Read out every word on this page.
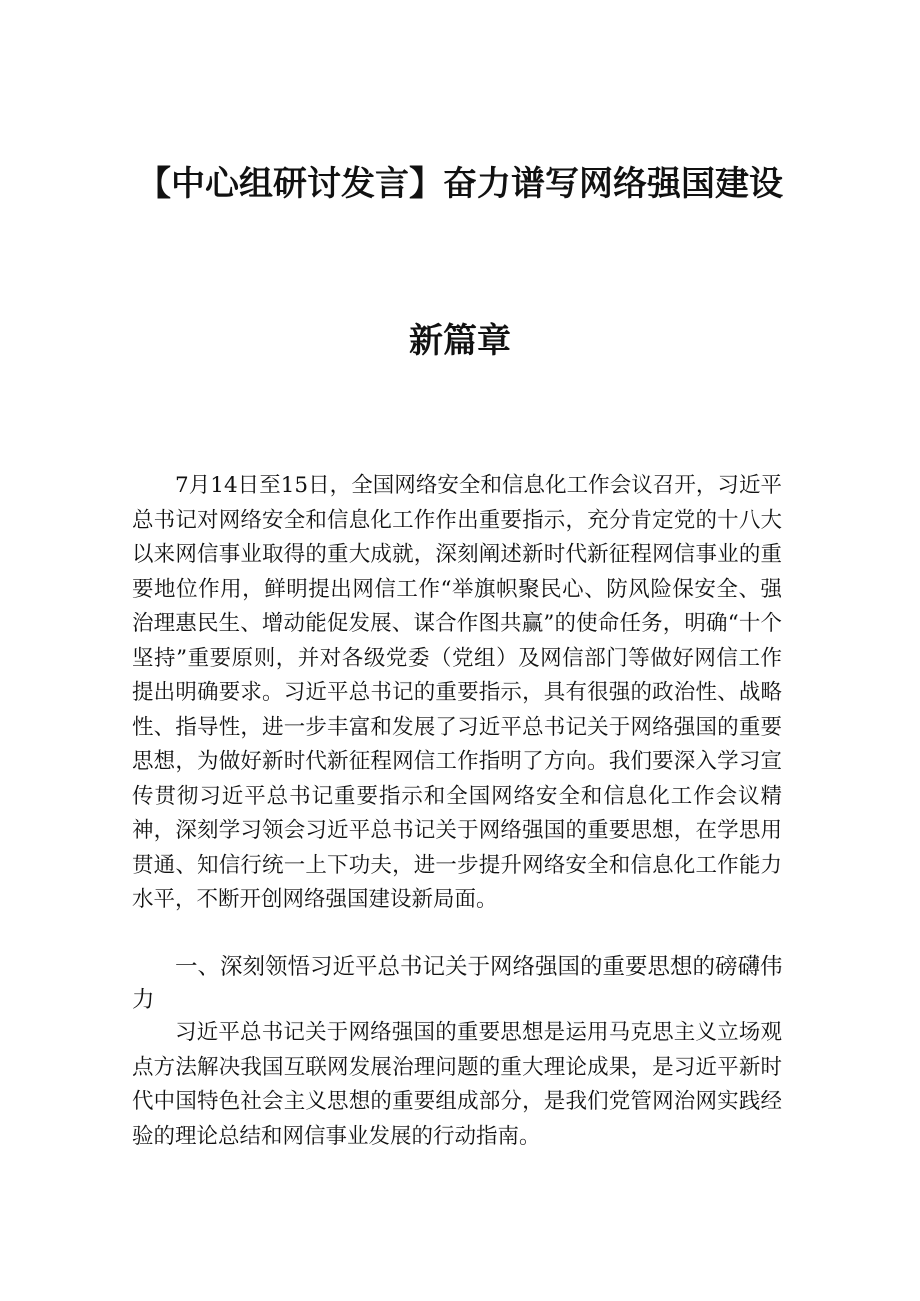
【中心组研讨发言】奋力谱写网络强国建设
新篇章

7月14日至15日，全国网络安全和信息化工作会议召开，习近平总书记对网络安全和信息化工作作出重要指示，充分肯定党的十八大以来网信事业取得的重大成就，深刻阐述新时代新征程网信事业的重要地位作用，鲜明提出网信工作“举旗帜聚民心、防风险保安全、强治理惠民生、增动能促发展、谋合作图共赢”的使命任务，明确“十个坚持”重要原则，并对各级党委（党组）及网信部门等做好网信工作提出明确要求。习近平总书记的重要指示，具有很强的政治性、战略性、指导性，进一步丰富和发展了习近平总书记关于网络强国的重要思想，为做好新时代新征程网信工作指明了方向。我们要深入学习宣传贯彻习近平总书记重要指示和全国网络安全和信息化工作会议精神，深刻学习领会习近平总书记关于网络强国的重要思想，在学思用贯通、知信行统一上下功夫，进一步提升网络安全和信息化工作能力水平，不断开创网络强国建设新局面。

一、深刻领悟习近平总书记关于网络强国的重要思想的磅礴伟力

习近平总书记关于网络强国的重要思想是运用马克思主义立场观点方法解决我国互联网发展治理问题的重大理论成果，是习近平新时代中国特色社会主义思想的重要组成部分，是我们党管网治网实践经验的理论总结和网信事业发展的行动指南。
